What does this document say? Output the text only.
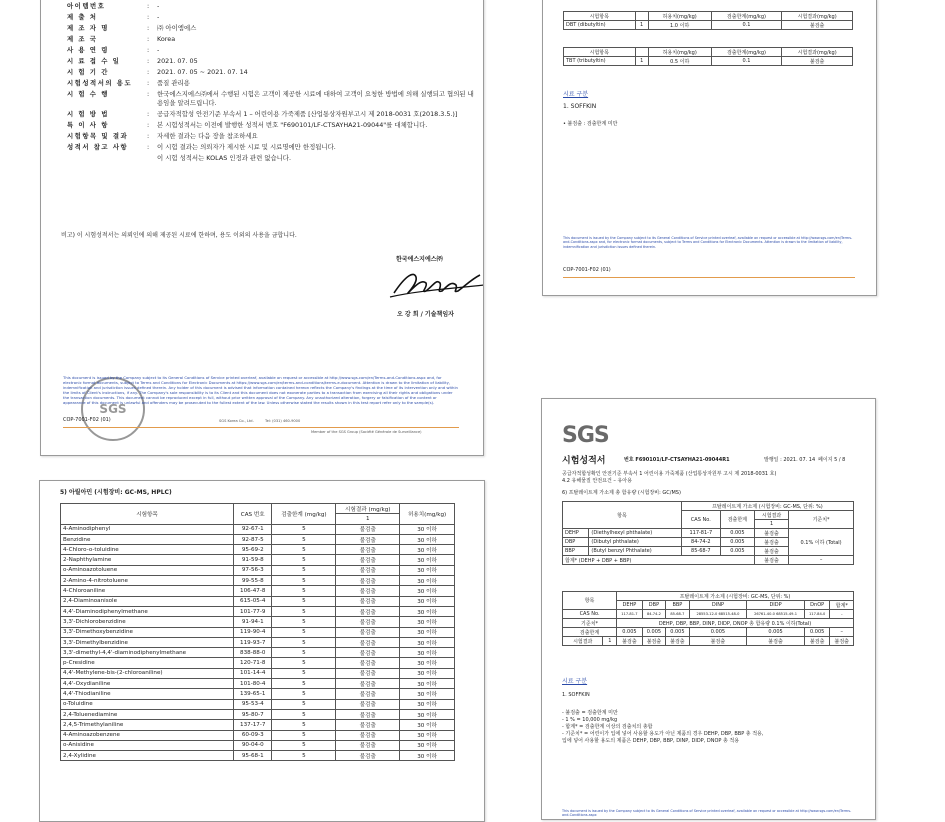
아이템번호	:	-
제 출 처	:	-
제 조 자 명	:	㈜ 아이엠에스
제 조 국	:	Korea
사 용 연 령	:	-
시 료 접 수 일	:	2021. 07. 05
시 험 기 간	:	2021. 07. 05 ~ 2021. 07. 14
시험성적서의 용도	:	품질 관리용
시 험 수 행	:	한국에스지에스㈜에서 수행된 시험은 고객이 제공한 시료에 대하여 고객이 요청한 방법에 의해 실행되고 협의된 내용임을 알려드립니다.
시 험 방 법	:	공급자적합성 안전기준 부속서 1 – 어린이용 가죽제품 [산업통상자원부고시 제 2018-0031 호(2018.3.5.)]
특 이 사 항	:	본 시험성적서는 이전에 발행한 성적서 번호 "F690101/LF-CTSAYHA21-09044"를 대체합니다.
시험항목 및 결과	:	자세한 결과는 다음 장을 참조하세요
성적서 참고 사항	:	이 시험 결과는 의뢰자가 제시한 시료 및 시료명에만 한정됩니다.
이 시험 성적서는 KOLAS 인정과 관련 없습니다.
비고) 이 시험성적서는 의뢰인에 의해 제공된 시료에 한하며, 용도 이외의 사용을 금합니다.
한국에스지에스㈜
오 강 희 / 기술책임자
SGS
This document is issued by the Company subject to its General Conditions of Service printed overleaf, available on request or accessible at http://www.sgs.com/en/Terms-and-Conditions.aspx and, for electronic format documents, subject to Terms and Conditions for Electronic Documents at https://www.sgs.com/en/terms-and-conditions/terms-e-document. Attention is drawn to the limitation of liability, indemnification and jurisdiction issues defined therein. Any holder of this document is advised that information contained hereon reflects the Company's findings at the time of its intervention only and within the limits of Client's instructions, if any. The Company's sole responsibility is to its Client and this document does not exonerate parties to a transaction from exercising all their rights and obligations under the transaction documents. This document cannot be reproduced except in full, without prior written approval of the Company. Any unauthorized alteration, forgery or falsification of the content or appearance of this document is unlawful and offenders may be prosecuted to the fullest extent of the law. Unless otherwise stated the results shown in this test report refer only to the sample(s).
COP-7001-F02 (01)	SGS Korea Co., Ltd.	Tel: (031) 460-9000
Member of the SGS Group (Société Générale de Surveillance)
시험항목		허용치(mg/kg)	검출한계(mg/kg)	시험결과(mg/kg)
DBT (dibutyltin)	1	1.0 이하	0.1	불검출
시험항목		허용치(mg/kg)	검출한계(mg/kg)	시험결과(mg/kg)
TBT (tributyltin)	1	0.5 이하	0.1	불검출
시료 구분
1. SOFFKIN
• 불검출 : 검출한계 미만
This document is issued by the Company subject to its General Conditions of Service printed overleaf, available on request or accessible at http://www.sgs.com/en/Terms-and-Conditions.aspx and, for electronic format documents, subject to Terms and Conditions for Electronic Documents. Attention is drawn to the limitation of liability, indemnification and jurisdiction issues defined therein.
COP-7001-F02 (01)
5) 아릴아민 (시험장비: GC-MS, HPLC)
시험항목	CAS 번호	검출한계 (mg/kg)	시험결과 (mg/kg)	허용치(mg/kg)
			1	
4-Aminodiphenyl	92-67-1	5	불검출	30 이하
Benzidine	92-87-5	5	불검출	30 이하
4-Chloro-o-toluidine	95-69-2	5	불검출	30 이하
2-Naphthylamine	91-59-8	5	불검출	30 이하
o-Aminoazotoluene	97-56-3	5	불검출	30 이하
2-Amino-4-nitrotoluene	99-55-8	5	불검출	30 이하
4-Chloroaniline	106-47-8	5	불검출	30 이하
2,4-Diaminoanisole	615-05-4	5	불검출	30 이하
4,4'-Diaminodiphenylmethane	101-77-9	5	불검출	30 이하
3,3'-Dichlorobenzidine	91-94-1	5	불검출	30 이하
3,3'-Dimethoxybenzidine	119-90-4	5	불검출	30 이하
3,3'-Dimethylbenzidine	119-93-7	5	불검출	30 이하
3,3'-dimethyl-4,4'-diaminodiphenylmethane	838-88-0	5	불검출	30 이하
p-Cresidine	120-71-8	5	불검출	30 이하
4,4'-Methylene-bis-(2-chloroaniline)	101-14-4	5	불검출	30 이하
4,4'-Oxydianiline	101-80-4	5	불검출	30 이하
4,4'-Thiodianiline	139-65-1	5	불검출	30 이하
o-Toluidine	95-53-4	5	불검출	30 이하
2,4-Toluenediamine	95-80-7	5	불검출	30 이하
2,4,5-Trimethylaniline	137-17-7	5	불검출	30 이하
4-Aminoazobenzene	60-09-3	5	불검출	30 이하
o-Anisidine	90-04-0	5	불검출	30 이하
2,4-Xylidine	95-68-1	5	불검출	30 이하
SGS
시험성적서	번호 F690101/LF-CTSAYHA21-09044R1	발행일 : 2021. 07. 14 페이지 5 / 8
공급자적합성확인 안전기준 부속서 1 어린이용 가죽제품 (산업통상자원부 고시 제 2018-0031 호)
4.2 유해물질 안전요건 – 유아용
6) 프탈레이트계 가소제 총 함유량 (시험장비: GC/MS)
항목		프탈레이트계 가소제 (시험장비: GC-MS, 단위: %)			
		CAS No.	검출한계	시험결과	기준치*
				1	
DEHP	(Diethylhexyl phthalate)	117-81-7	0.005	불검출	0.1% 이하 (Total)
DBP	(Dibutyl phthalate)	84-74-2	0.005	불검출	
BBP	(Butyl benzyl Phthalate)	85-68-7	0.005	불검출	
합계* (DEHP + DBP + BBP)				불검출	–
항목		프탈레이트계 가소제 (시험장비: GC-MS, 단위: %)						
		DEHP	DBP	BBP	DINP	DIDP	DnOP	합계*
CAS No.		117-81-7	84-74-2	85-68-7	28553-12-0 68515-48-0	26761-40-0 68515-49-1	117-84-0	–
기준치*		DEHP, DBP, BBP, DINP, DIDP, DNOP 총 함유량 0.1% 이하(Total)						
검출한계		0.005	0.005	0.005	0.005	0.005	0.005	–
시험결과	1	불검출	불검출	불검출	불검출	불검출	불검출	불검출
시료 구분
1. SOFFKIN
- 불검출 = 검출한계 미만
- 1 % = 10,000 mg/kg
- 합계* = 검출한계 이상의 검출치의 총합
- 기준치* = 어린이가 입에 넣어 사용할 용도가 아닌 제품의 경우 DEHP, DBP, BBP 총 적용,
입에 넣어 사용할 용도의 제품은 DEHP, DBP, BBP, DINP, DIDP, DNOP 총 적용
This document is issued by the Company subject to its General Conditions of Service printed overleaf, available on request or accessible at http://www.sgs.com/en/Terms-and-Conditions.aspx
